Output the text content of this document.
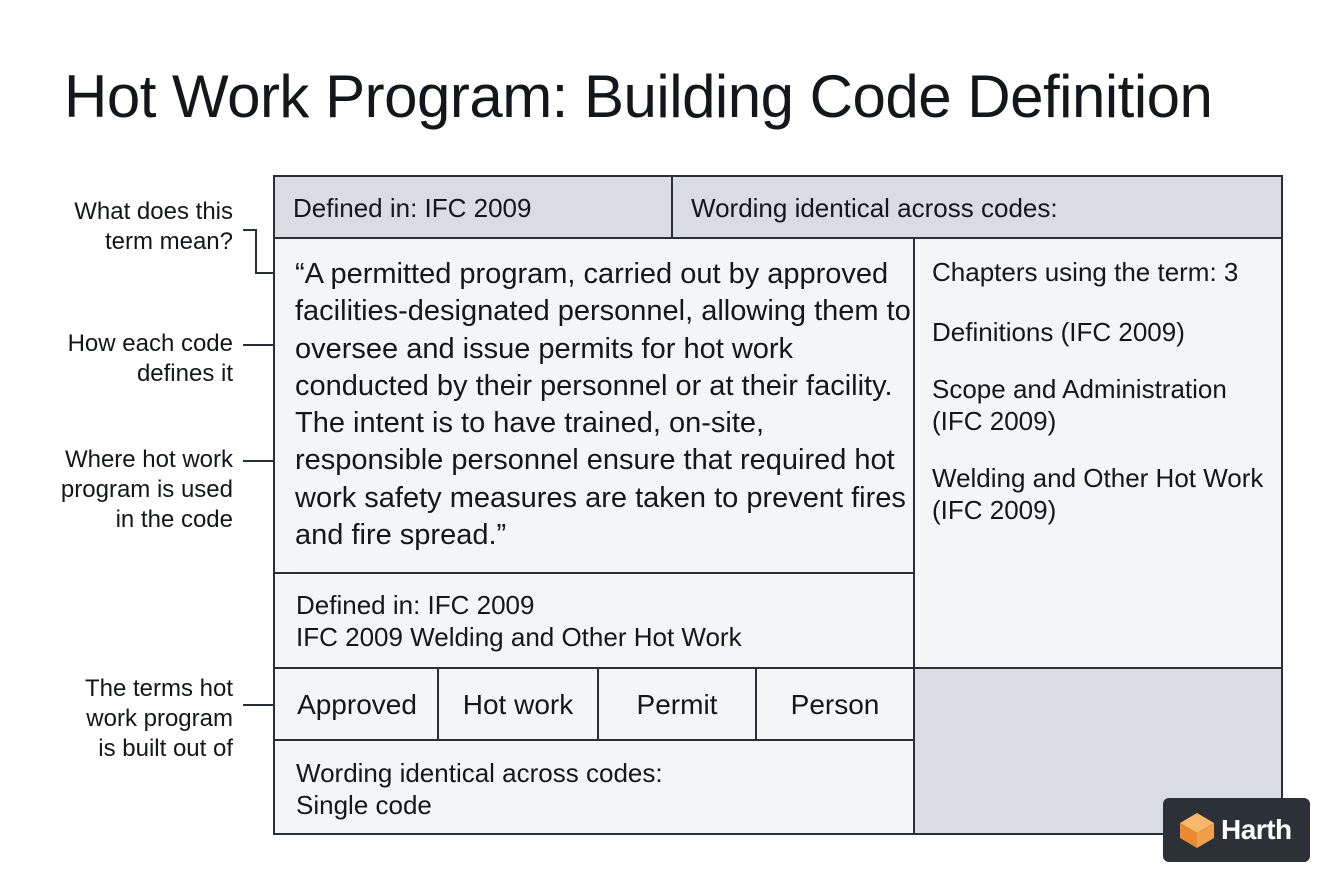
Hot Work Program: Building Code Definition
What does this
term mean?
How each code
defines it
Where hot work
program is used
in the code
The terms hot
work program
is built out of
Defined in: IFC 2009	Wording identical across codes:
“A permitted program, carried out by approved facilities-designated personnel, allowing them to oversee and issue permits for hot work conducted by their personnel or at their facility. The intent is to have trained, on-site, responsible personnel ensure that required hot work safety measures are taken to prevent fires and fire spread.”
Chapters using the term: 3
Definitions (IFC 2009)
Scope and Administration (IFC 2009)
Welding and Other Hot Work (IFC 2009)
Defined in: IFC 2009
IFC 2009 Welding and Other Hot Work
Approved	Hot work	Permit	Person
Wording identical across codes:
Single code
Harth
